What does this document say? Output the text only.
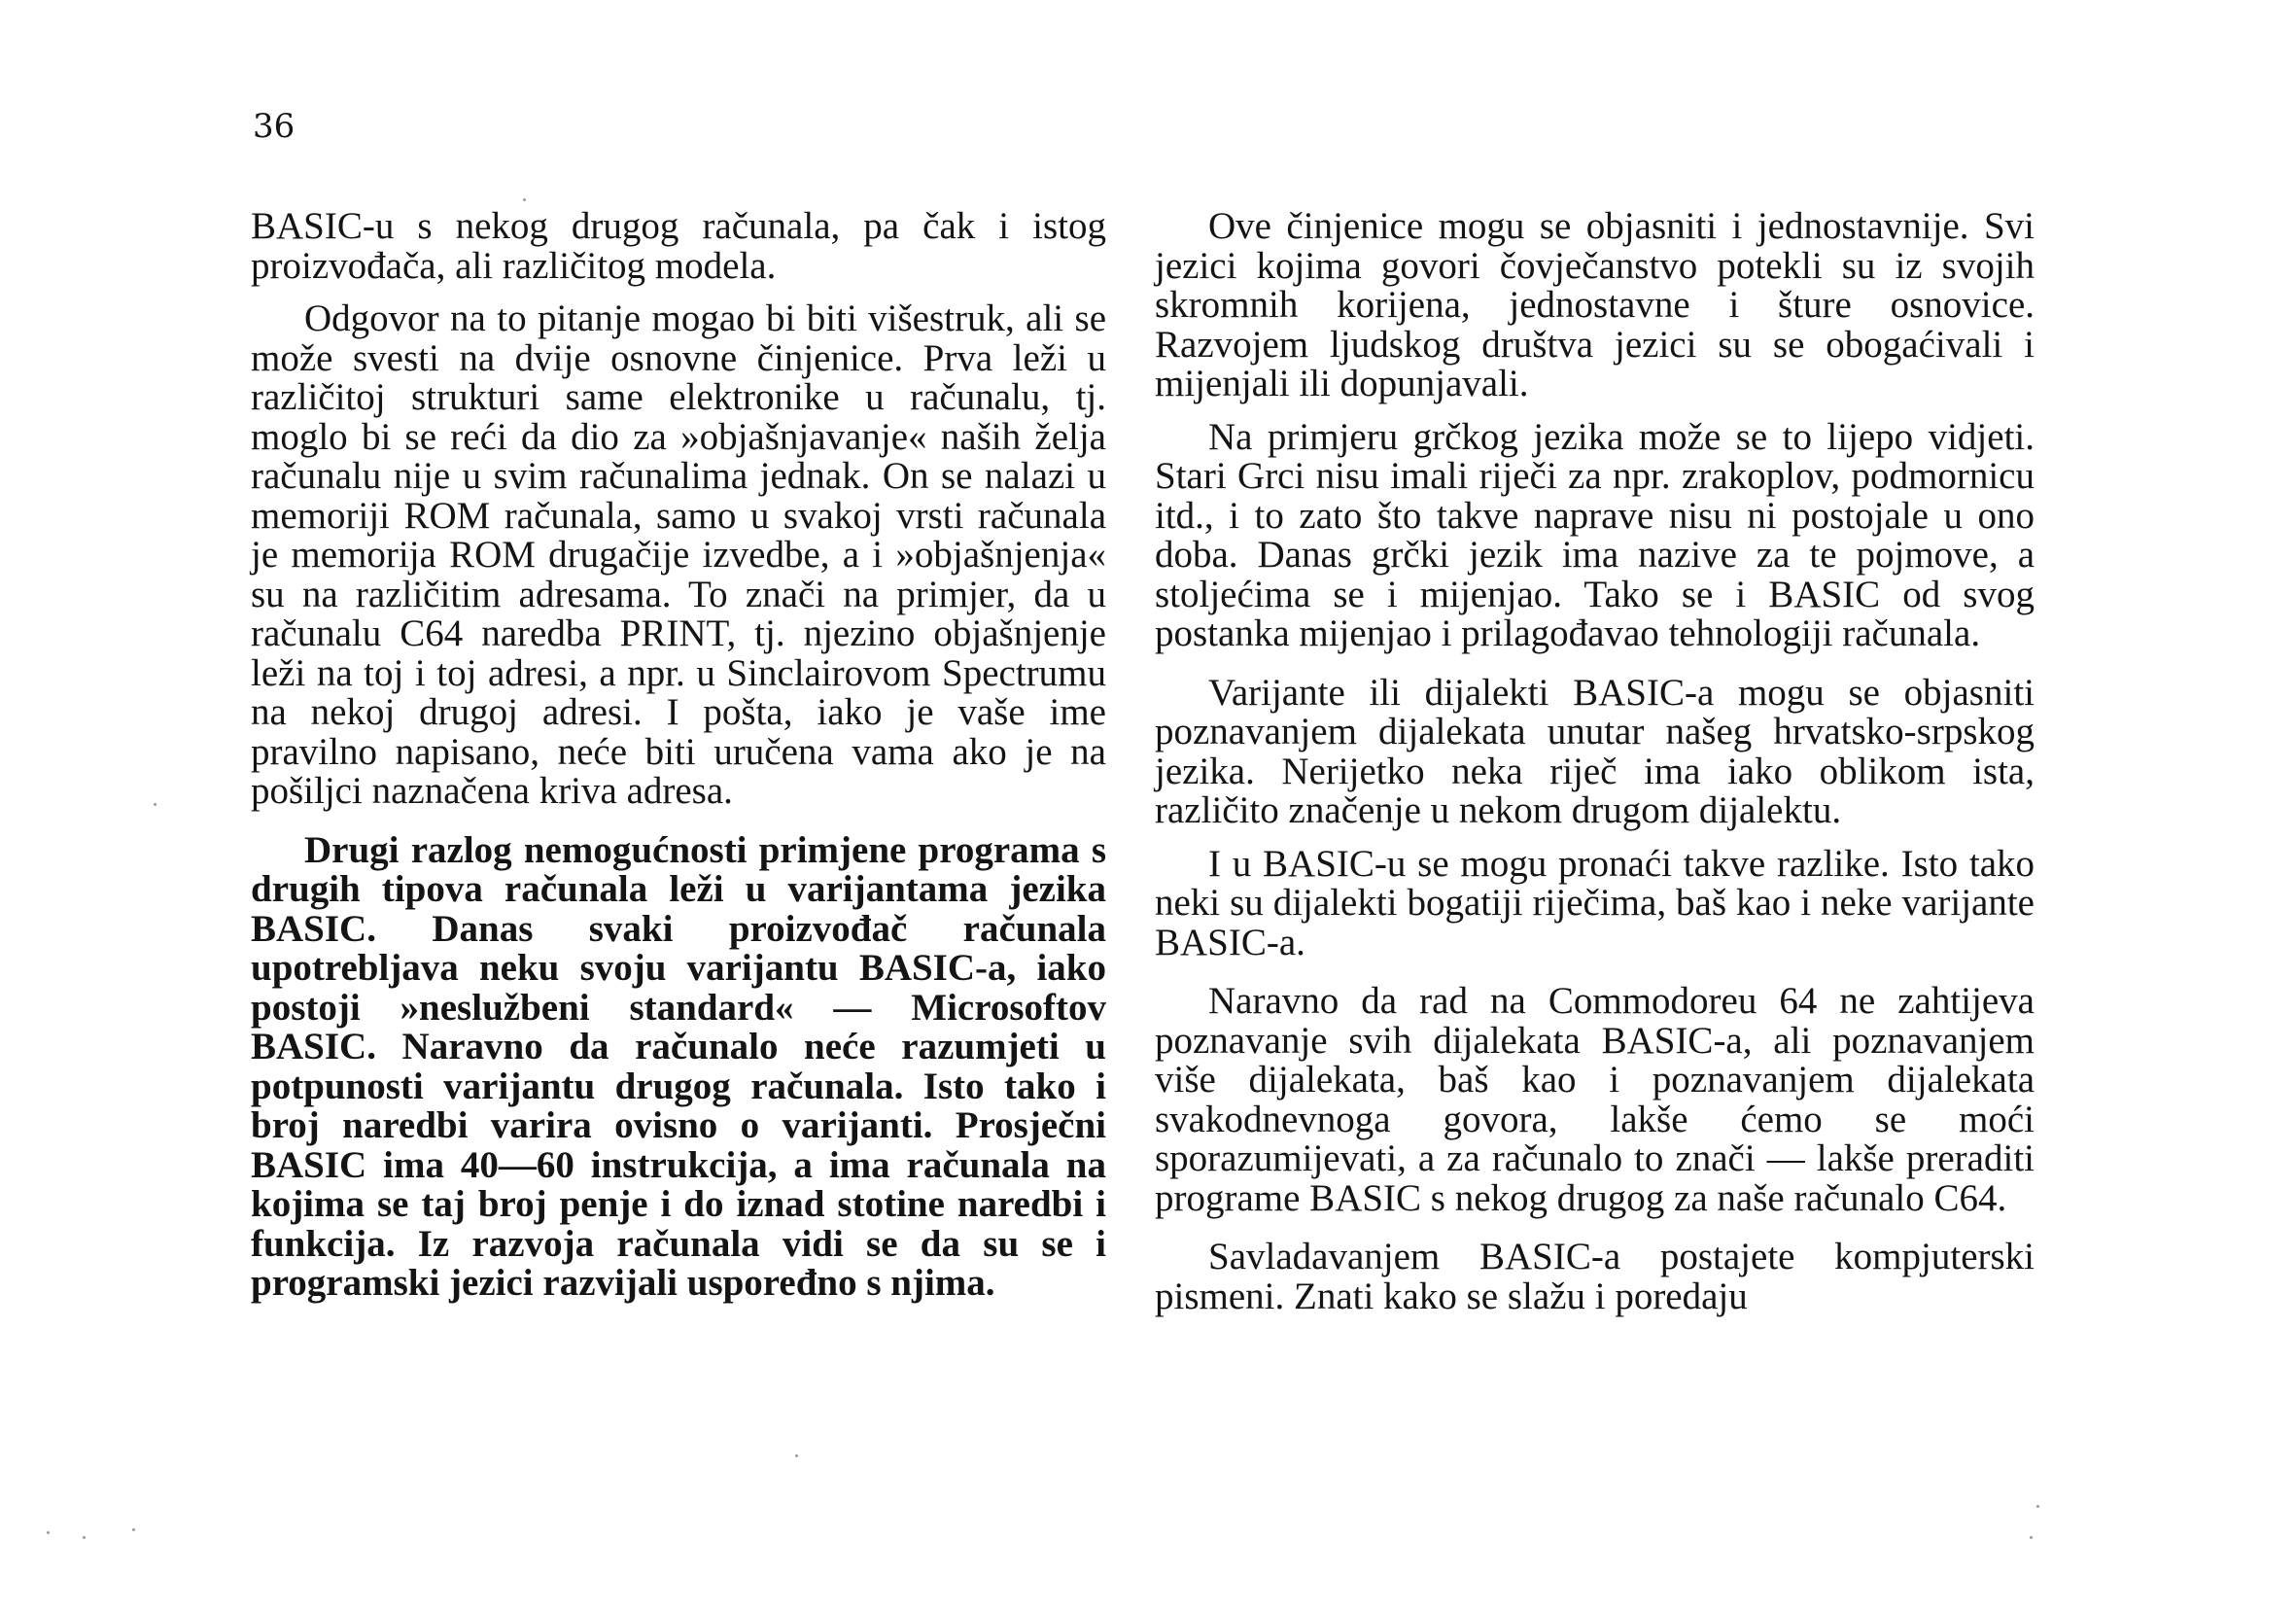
36

BASIC-u s nekog drugog računala, pa čak i istog proizvođača, ali različitog modela.

Odgovor na to pitanje mogao bi biti višestruk, ali se može svesti na dvije osnovne činjenice. Prva leži u različitoj strukturi same elektronike u računalu, tj. moglo bi se reći da dio za »objašnjavanje« naših želja računalu nije u svim računalima jednak. On se nalazi u memoriji ROM računala, samo u svakoj vrsti računala je memorija ROM drugačije izvedbe, a i »objašnjenja« su na različitim adresama. To znači na primjer, da u računalu C64 naredba PRINT, tj. njezino objašnjenje leži na toj i toj adresi, a npr. u Sinclairovom Spectrumu na nekoj drugoj adresi. I pošta, iako je vaše ime pravilno napisano, neće biti uručena vama ako je na pošiljci naznačena kriva adresa.

Drugi razlog nemogućnosti primjene programa s drugih tipova računala leži u varijantama jezika BASIC. Danas svaki proizvođač računala upotrebljava neku svoju varijantu BASIC-a, iako postoji »neslužbeni standard« — Microsoftov BASIC. Naravno da računalo neće razumjeti u potpunosti varijantu drugog računala. Isto tako i broj naredbi varira ovisno o varijanti. Prosječni BASIC ima 40—60 instrukcija, a ima računala na kojima se taj broj penje i do iznad stotine naredbi i funkcija. Iz razvoja računala vidi se da su se i programski jezici razvijali uspoređno s njima.

Ove činjenice mogu se objasniti i jednostavnije. Svi jezici kojima govori čovječanstvo potekli su iz svojih skromnih korijena, jednostavne i šture osnovice. Razvojem ljudskog društva jezici su se obogaćivali i mijenjali ili dopunjavali.

Na primjeru grčkog jezika može se to lijepo vidjeti. Stari Grci nisu imali riječi za npr. zrakoplov, podmornicu itd., i to zato što takve naprave nisu ni postojale u ono doba. Danas grčki jezik ima nazive za te pojmove, a stoljećima se i mijenjao. Tako se i BASIC od svog postanka mijenjao i prilagođavao tehnologiji računala.

Varijante ili dijalekti BASIC-a mogu se objasniti poznavanjem dijalekata unutar našeg hrvatsko-srpskog jezika. Nerijetko neka riječ ima iako oblikom ista, različito značenje u nekom drugom dijalektu.

I u BASIC-u se mogu pronaći takve razlike. Isto tako neki su dijalekti bogatiji riječima, baš kao i neke varijante BASIC-a.

Naravno da rad na Commodoreu 64 ne zahtijeva poznavanje svih dijalekata BASIC-a, ali poznavanjem više dijalekata, baš kao i poznavanjem dijalekata svakodnevnoga govora, lakše ćemo se moći sporazumijevati, a za računalo to znači — lakše preraditi programe BASIC s nekog drugog za naše računalo C64.

Savladavanjem BASIC-a postajete kompjuterski pismeni. Znati kako se slažu i poredaju
